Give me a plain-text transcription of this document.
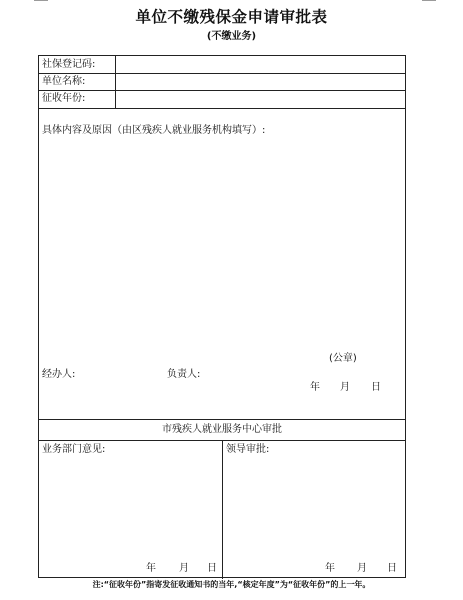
单位不缴残保金申请审批表
(不缴业务)
社保登记码:
单位名称:
征收年份:
具体内容及原因（由区残疾人就业服务机构填写）:
(公章)
经办人:	负责人:
年 月 日
市残疾人就业服务中心审批
业务部门意见:	领导审批:
年 月 日	年 月 日
注:“征收年份”指寄发征收通知书的当年,“核定年度”为“征收年份”的上一年。
